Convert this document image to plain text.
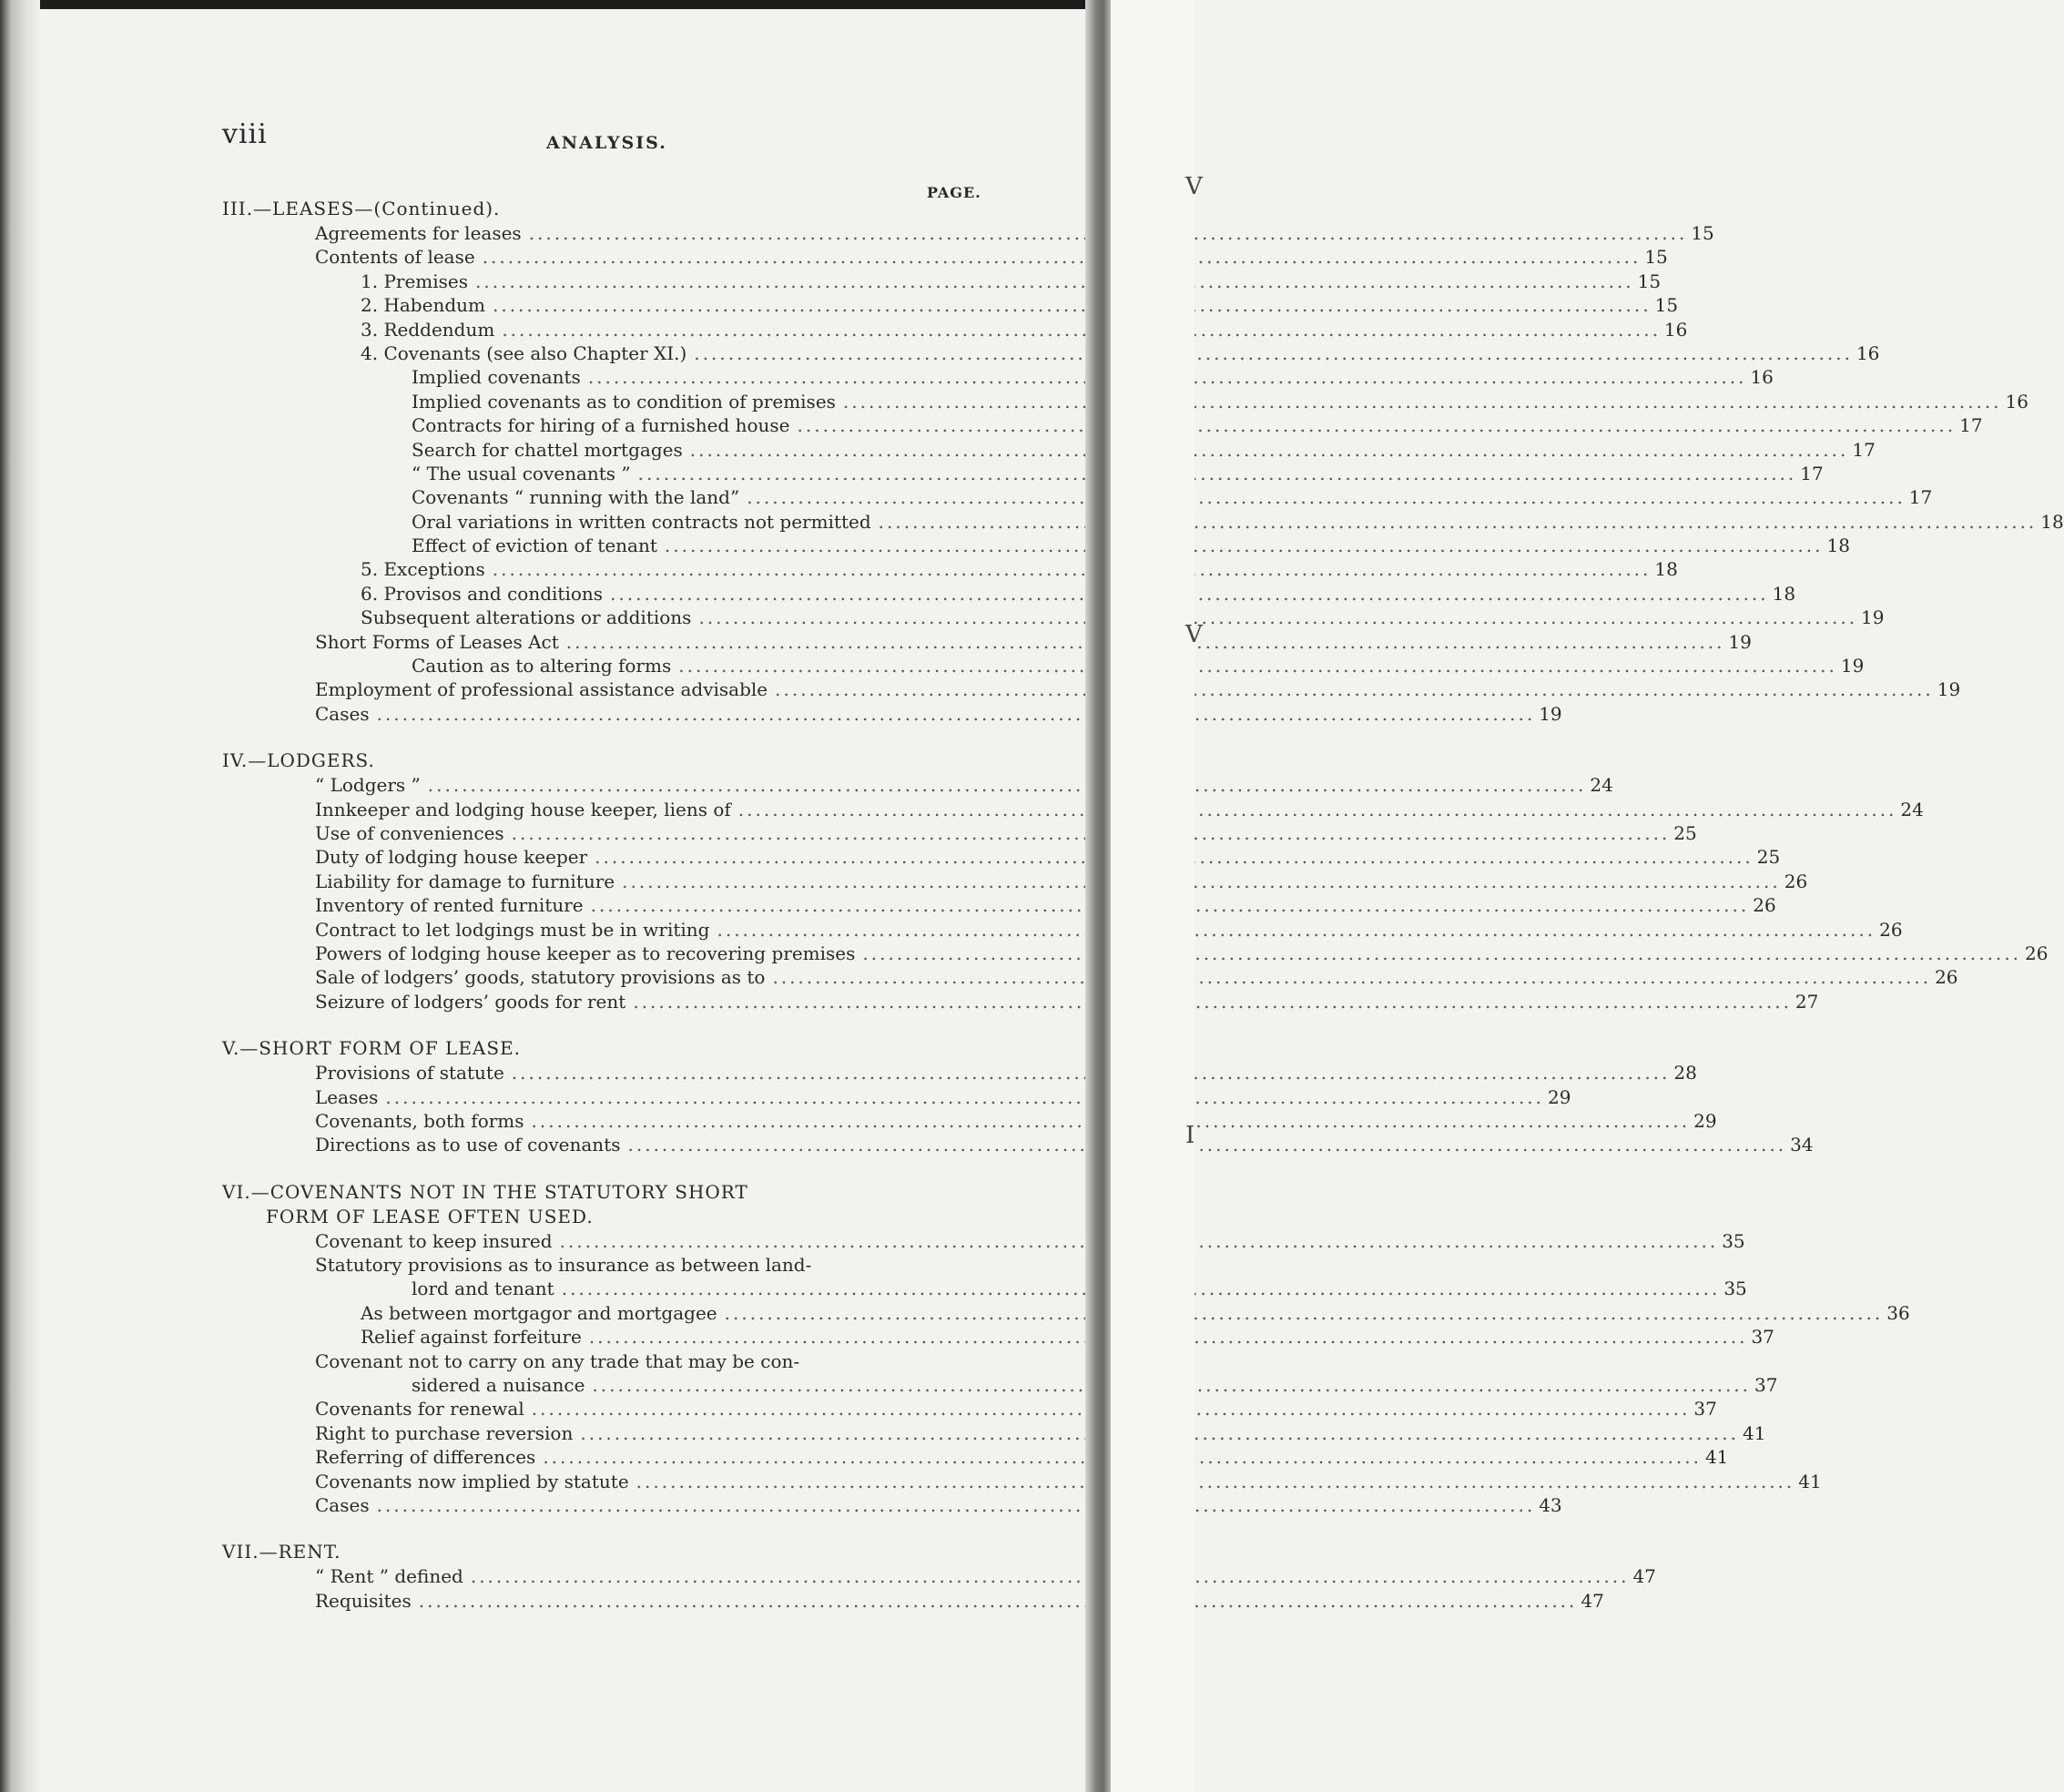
viii	ANALYSIS.
PAGE.
III.—LEASES—(Continued).
Agreements for leases .....	15
Contents of lease .....	15
1. Premises .....	15
2. Habendum .....	15
3. Reddendum .....	16
4. Covenants (see also Chapter XI.) .....	16
Implied covenants .....	16
Implied covenants as to condition of premises .....	16
Contracts for hiring of a furnished house .....	17
Search for chattel mortgages .....	17
“ The usual covenants ” .....	17
Covenants “ running with the land” .....	17
Oral variations in written contracts not permitted .....	18
Effect of eviction of tenant .....	18
5. Exceptions .....	18
6. Provisos and conditions .....	18
Subsequent alterations or additions .....	19
Short Forms of Leases Act .....	19
Caution as to altering forms .....	19
Employment of professional assistance advisable .....	19
Cases .....	19
IV.—LODGERS.
“ Lodgers ” .....	24
Innkeeper and lodging house keeper, liens of .....	24
Use of conveniences .....	25
Duty of lodging house keeper .....	25
Liability for damage to furniture .....	26
Inventory of rented furniture .....	26
Contract to let lodgings must be in writing .....	26
Powers of lodging house keeper as to recovering premises .....	26
Sale of lodgers’ goods, statutory provisions as to .....	26
Seizure of lodgers’ goods for rent .....	27
V.—SHORT FORM OF LEASE.
Provisions of statute .....	28
Leases .....	29
Covenants, both forms .....	29
Directions as to use of covenants .....	34
VI.—COVENANTS NOT IN THE STATUTORY SHORT
FORM OF LEASE OFTEN USED.
Covenant to keep insured .....	35
Statutory provisions as to insurance as between land-
lord and tenant .....	35
As between mortgagor and mortgagee .....	36
Relief against forfeiture .....	37
Covenant not to carry on any trade that may be con-
sidered a nuisance .....	37
Covenants for renewal .....	37
Right to purchase reversion .....	41
Referring of differences .....	41
Covenants now implied by statute .....	41
Cases .....	43
VII.—RENT.
“ Rent ” defined .....	47
Requisites .....	47
V
V
I
